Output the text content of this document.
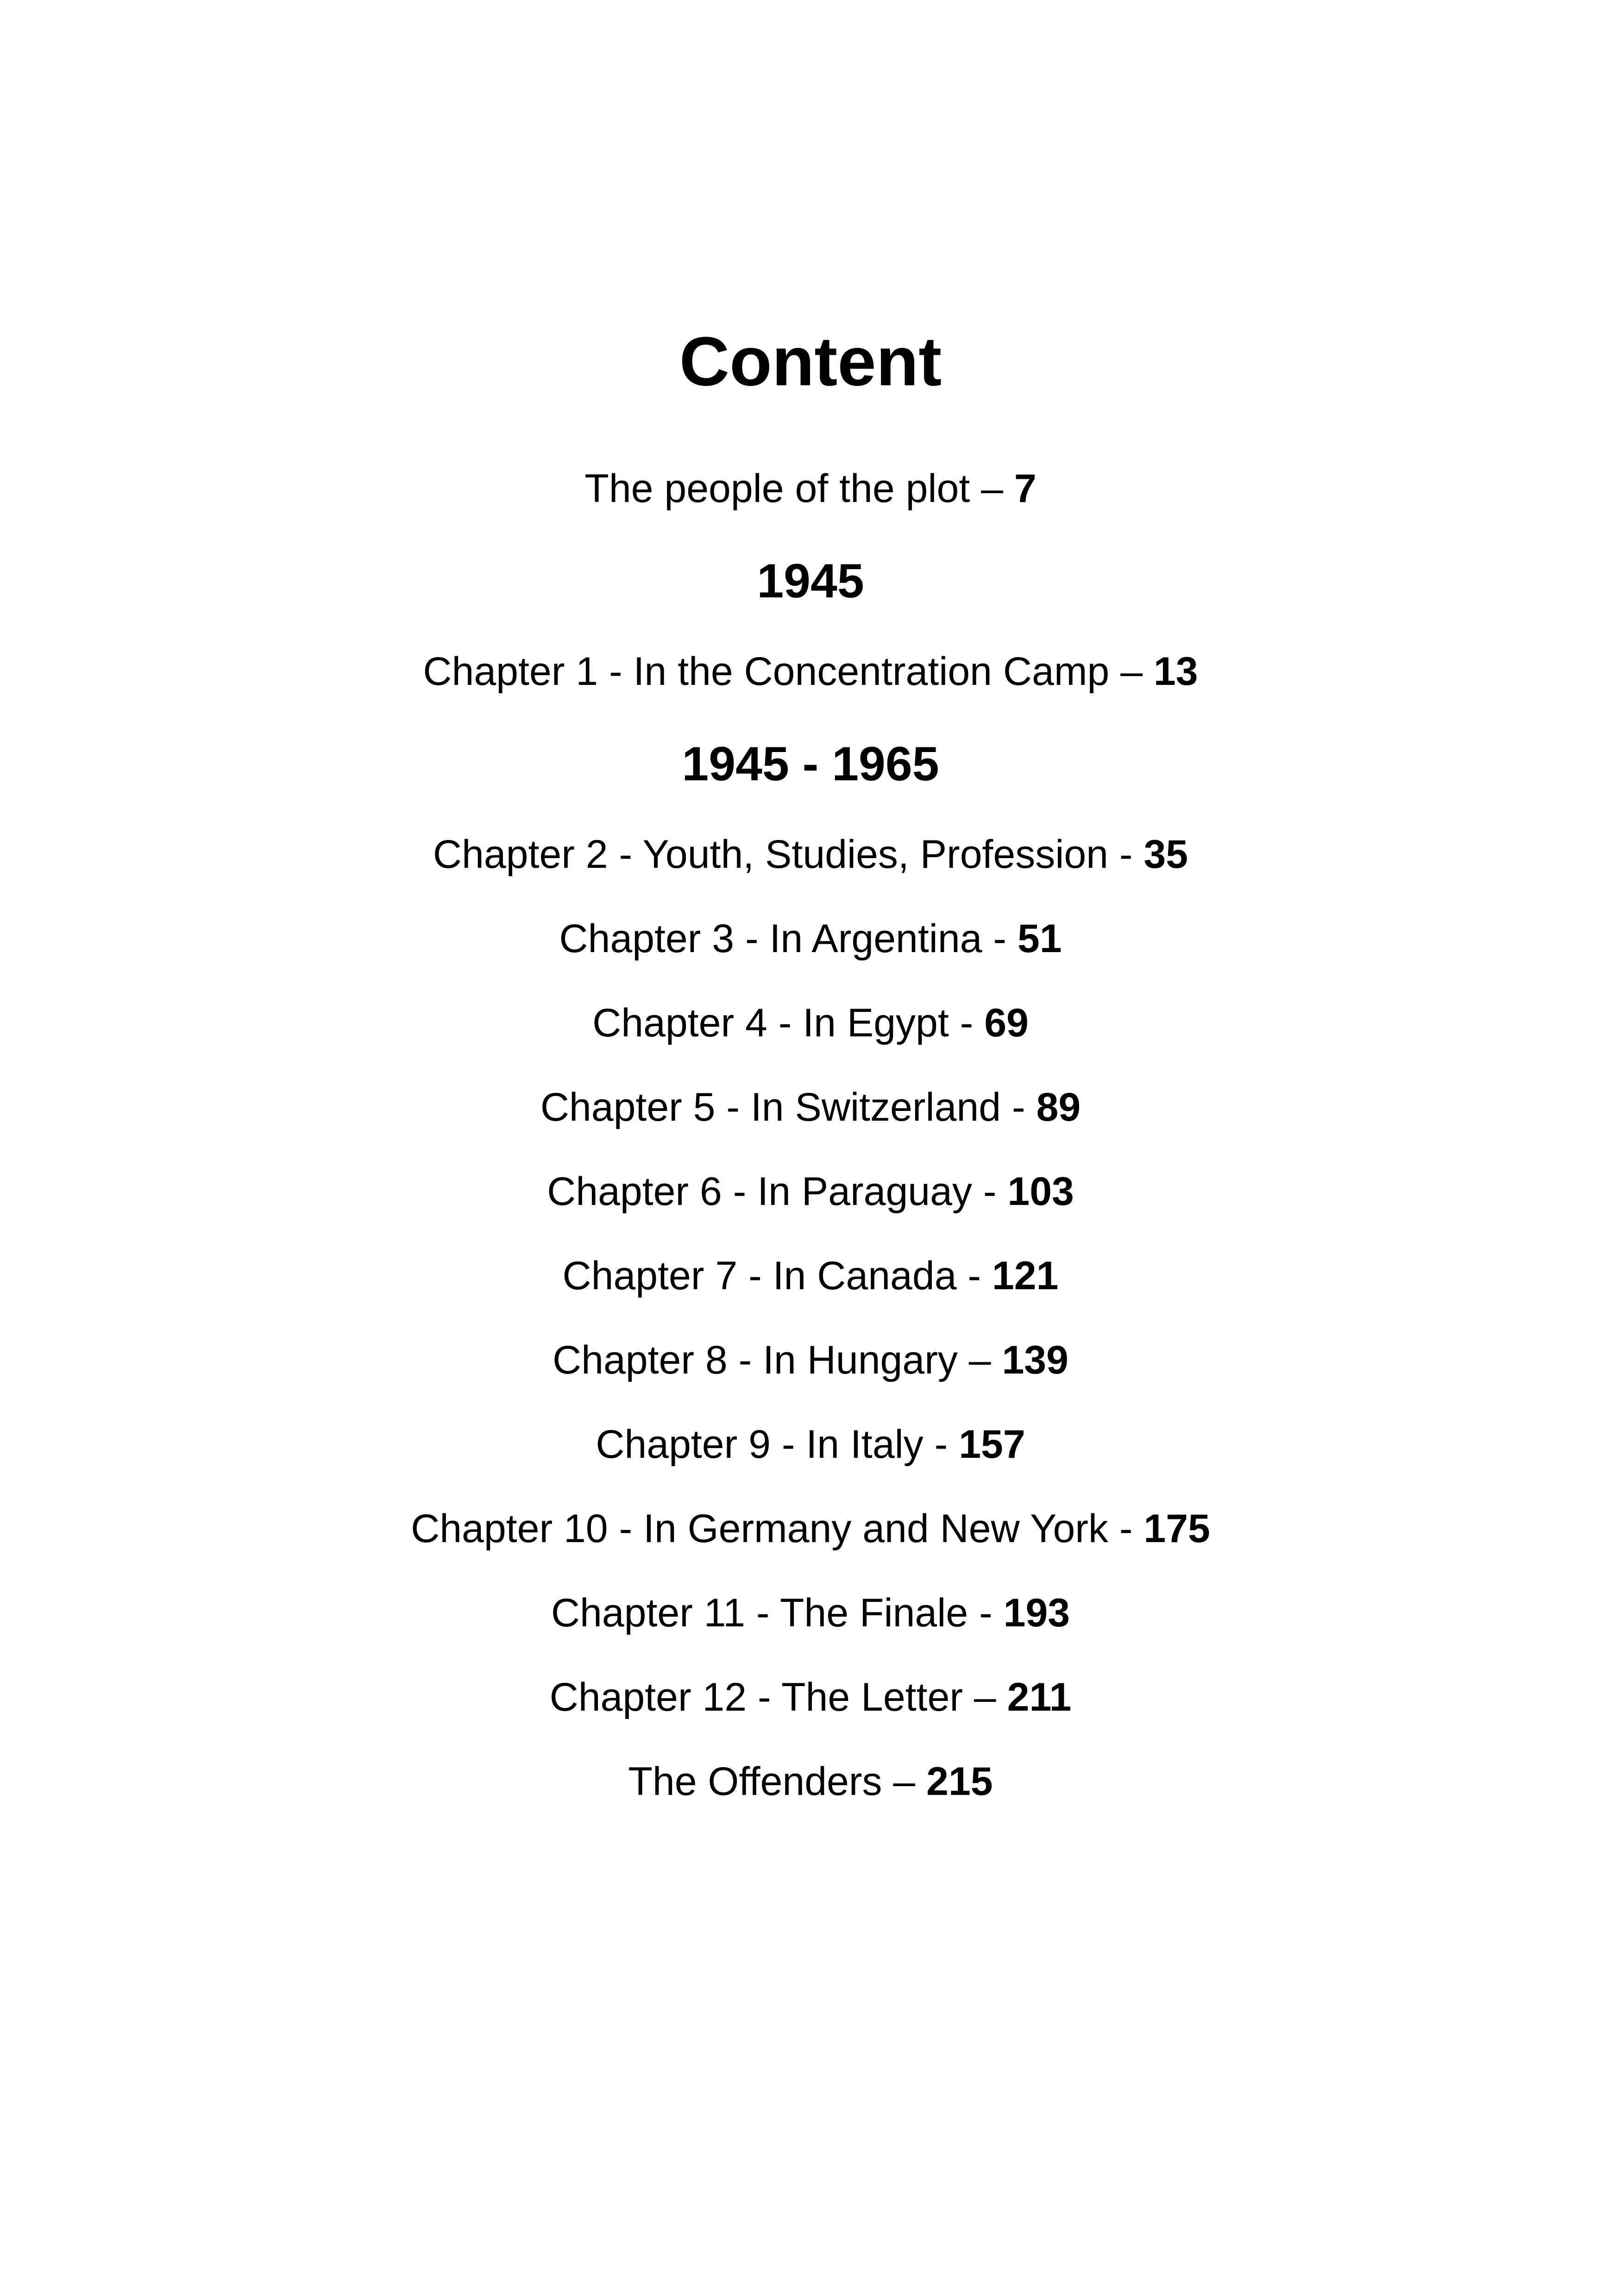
Content
The people of the plot – 7
1945
Chapter 1 - In the Concentration Camp – 13
1945 - 1965
Chapter 2 - Youth, Studies, Profession - 35
Chapter 3 - In Argentina - 51
Chapter 4 - In Egypt - 69
Chapter 5 - In Switzerland - 89
Chapter 6 - In Paraguay - 103
Chapter 7 - In Canada - 121
Chapter 8 - In Hungary – 139
Chapter 9 - In Italy - 157
Chapter 10 - In Germany and New York - 175
Chapter 11 - The Finale - 193
Chapter 12 - The Letter – 211
The Offenders – 215
